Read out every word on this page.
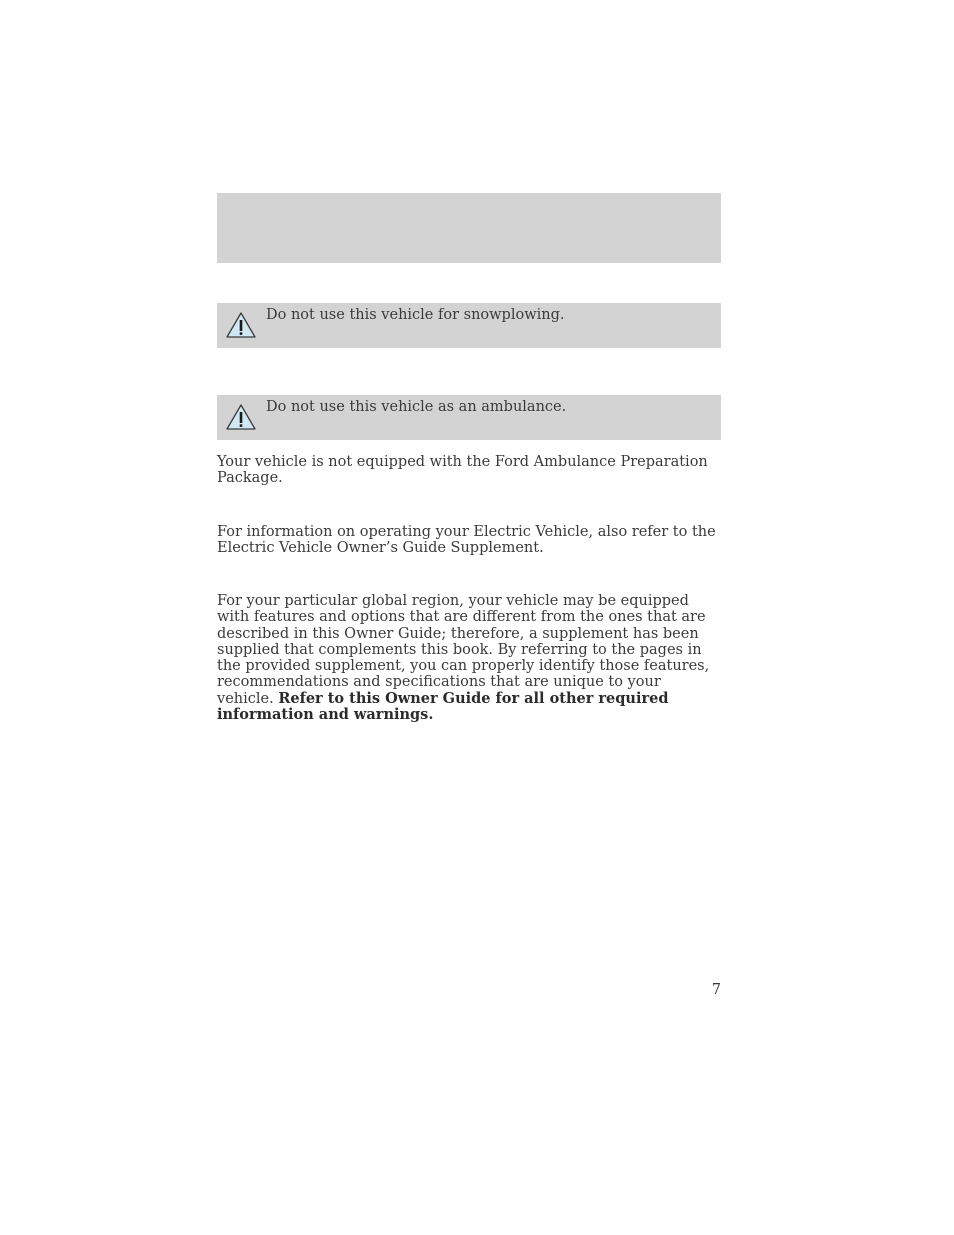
Do not use this vehicle for snowplowing.
Do not use this vehicle as an ambulance.

Your vehicle is not equipped with the Ford Ambulance Preparation Package.

For information on operating your Electric Vehicle, also refer to the Electric Vehicle Owner’s Guide Supplement.

For your particular global region, your vehicle may be equipped with features and options that are different from the ones that are described in this Owner Guide; therefore, a supplement has been supplied that complements this book. By referring to the pages in the provided supplement, you can properly identify those features, recommendations and specifications that are unique to your vehicle. Refer to this Owner Guide for all other required information and warnings.

7
